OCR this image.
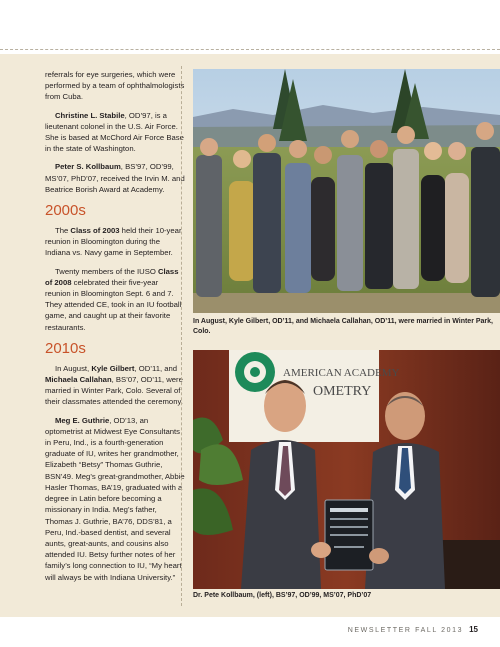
referrals for eye surgeries, which were performed by a team of ophthalmologists from Cuba.

Christine L. Stabile, OD’97, is a lieutenant colonel in the U.S. Air Force. She is based at McChord Air Force Base in the state of Washington.

Peter S. Kollbaum, BS’97, OD’99, MS’07, PhD’07, received the Irvin M. and Beatrice Borish Award at Academy.

2000s

The Class of 2003 held their 10-year reunion in Bloomington during the Indiana vs. Navy game in September.

Twenty members of the IUSO Class of 2008 celebrated their five-year reunion in Bloomington Sept. 6 and 7. They attended CE, took in an IU football game, and caught up at their favorite restaurants.

2010s

In August, Kyle Gilbert, OD’11, and Michaela Callahan, BS’07, OD’11, were married in Winter Park, Colo. Several of their classmates attended the ceremony.

Meg E. Guthrie, OD’13, an optometrist at Midwest Eye Consultants in Peru, Ind., is a fourth-generation graduate of IU, writes her grandmother, Elizabeth “Betsy” Thomas Guthrie, BSN’49. Meg’s great-grandmother, Abbie Hasler Thomas, BA’19, graduated with a degree in Latin before becoming a missionary in India. Meg’s father, Thomas J. Guthrie, BA’76, DDS’81, a Peru, Ind.-based dentist, and several aunts, great-aunts, and cousins also attended IU. Betsy further notes of her family’s long connection to IU, “My heart will always be with Indiana University.”

In August, Kyle Gilbert, OD’11, and Michaela Callahan, OD’11, were married in Winter Park, Colo.
AMERICAN ACADEMY
OMETRY
Dr. Pete Kollbaum, (left), BS’97, OD’99, MS’07, PhD’07
NEWSLETTER FALL 2013 15
